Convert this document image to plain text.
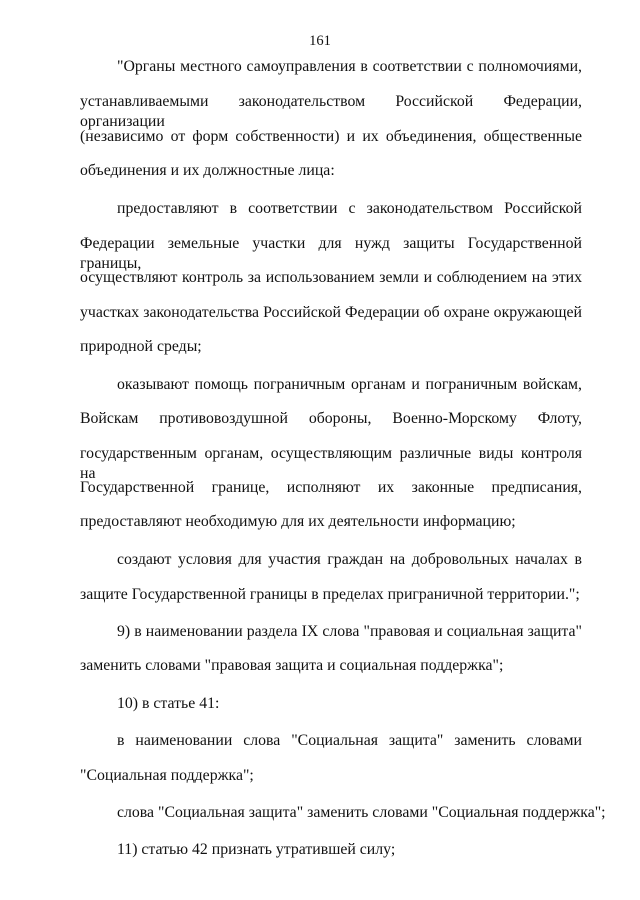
161
"Органы местного самоуправления в соответствии с полномочиями,
устанавливаемыми законодательством Российской Федерации, организации
(независимо от форм собственности) и их объединения, общественные
объединения и их должностные лица:
предоставляют в соответствии с законодательством Российской
Федерации земельные участки для нужд защиты Государственной границы,
осуществляют контроль за использованием земли и соблюдением на этих
участках законодательства Российской Федерации об охране окружающей
природной среды;
оказывают помощь пограничным органам и пограничным войскам,
Войскам противовоздушной обороны, Военно-Морскому Флоту,
государственным органам, осуществляющим различные виды контроля на
Государственной границе, исполняют их законные предписания,
предоставляют необходимую для их деятельности информацию;
создают условия для участия граждан на добровольных началах в
защите Государственной границы в пределах приграничной территории.";
9) в наименовании раздела IX слова "правовая и социальная защита"
заменить словами "правовая защита и социальная поддержка";
10) в статье 41:
в наименовании слова "Социальная защита" заменить словами
"Социальная поддержка";
слова "Социальная защита" заменить словами "Социальная поддержка";
11) статью 42 признать утратившей силу;
